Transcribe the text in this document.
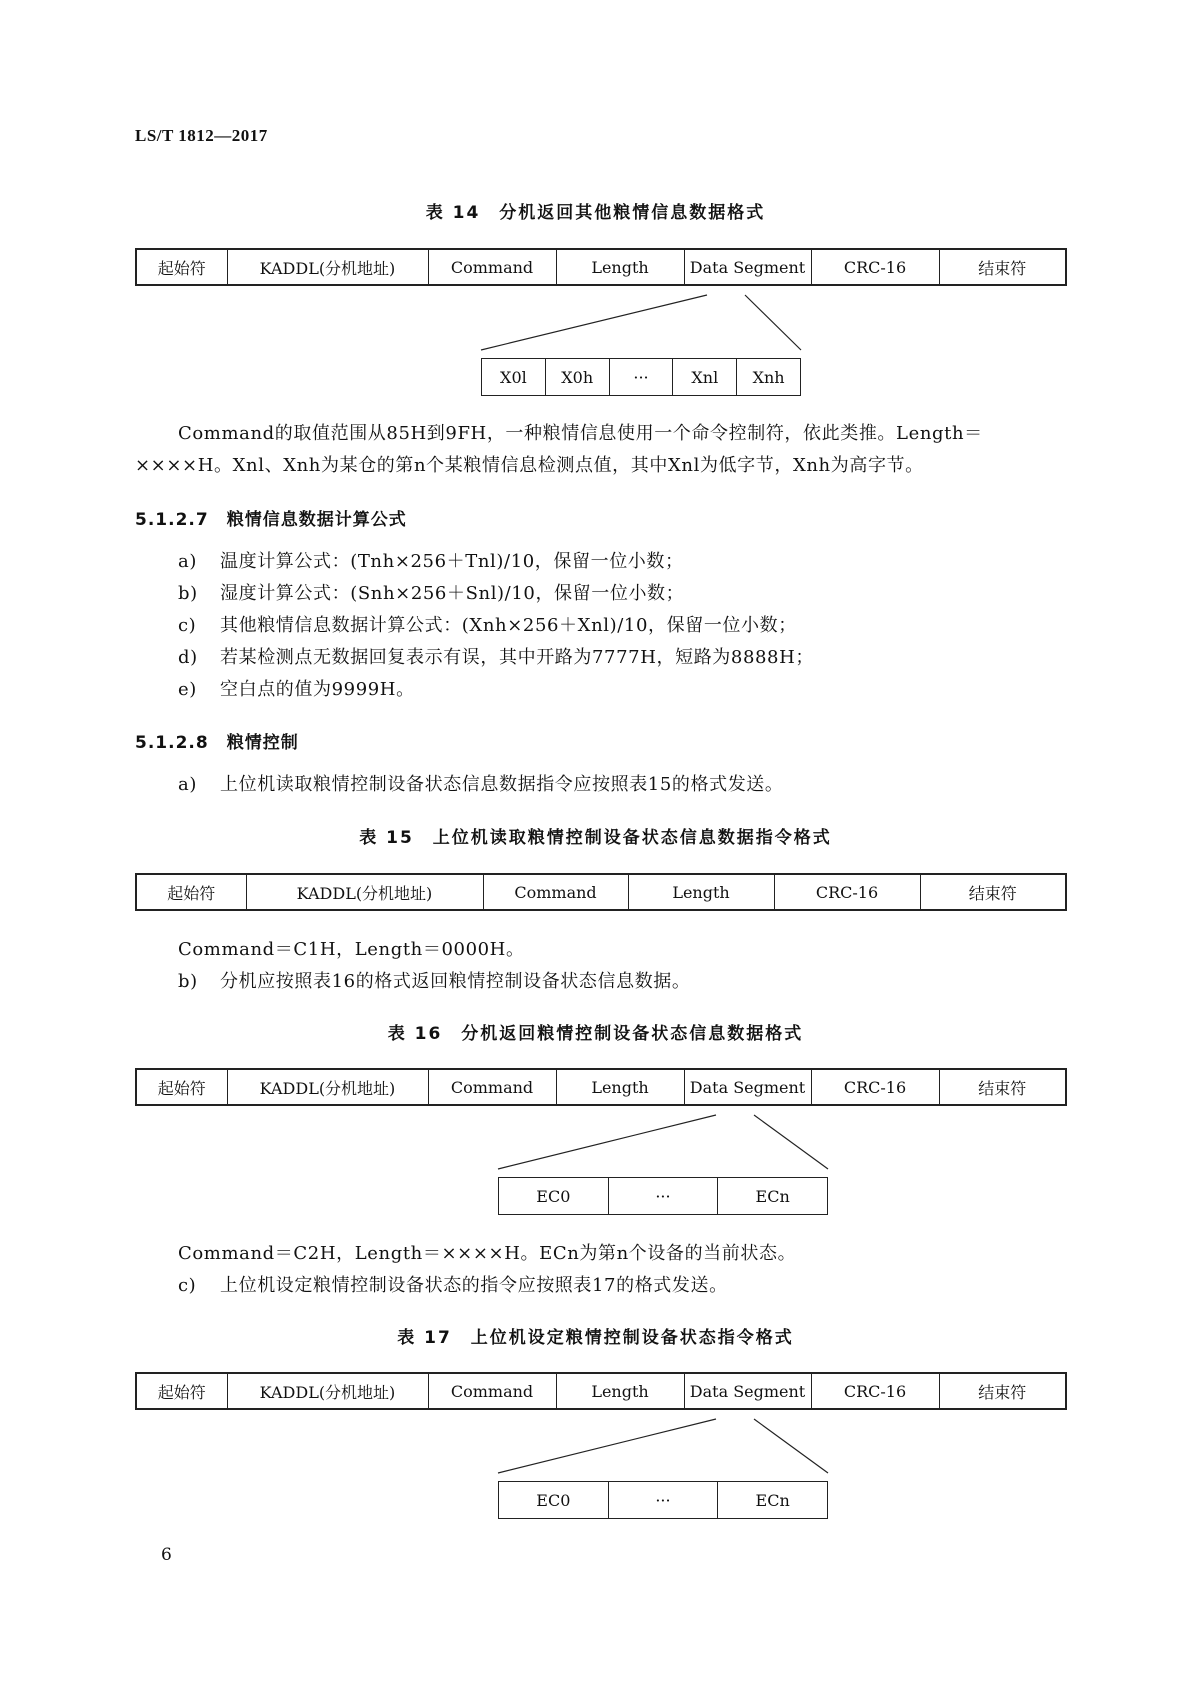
LS/T 1812—2017
表 14　分机返回其他粮情信息数据格式
起始符	KADDL(分机地址)	Command	Length	Data Segment	CRC-16	结束符
X0l	X0h	···	Xnl	Xnh
Command的取值范围从85H到9FH，一种粮情信息使用一个命令控制符，依此类推。Length＝
××××H。Xnl、Xnh为某仓的第n个某粮情信息检测点值，其中Xnl为低字节，Xnh为高字节。
5.1.2.7　粮情信息数据计算公式
a) 温度计算公式：(Tnh×256＋Tnl)/10，保留一位小数；
b) 湿度计算公式：(Snh×256＋Snl)/10，保留一位小数；
c) 其他粮情信息数据计算公式：(Xnh×256＋Xnl)/10，保留一位小数；
d) 若某检测点无数据回复表示有误，其中开路为7777H，短路为8888H；
e) 空白点的值为9999H。
5.1.2.8　粮情控制
a) 上位机读取粮情控制设备状态信息数据指令应按照表15的格式发送。
表 15　上位机读取粮情控制设备状态信息数据指令格式
起始符	KADDL(分机地址)	Command	Length	CRC-16	结束符
Command＝C1H，Length＝0000H。
b) 分机应按照表16的格式返回粮情控制设备状态信息数据。
表 16　分机返回粮情控制设备状态信息数据格式
起始符	KADDL(分机地址)	Command	Length	Data Segment	CRC-16	结束符
EC0	···	ECn
Command＝C2H，Length＝××××H。ECn为第n个设备的当前状态。
c) 上位机设定粮情控制设备状态的指令应按照表17的格式发送。
表 17　上位机设定粮情控制设备状态指令格式
起始符	KADDL(分机地址)	Command	Length	Data Segment	CRC-16	结束符
EC0	···	ECn
6
